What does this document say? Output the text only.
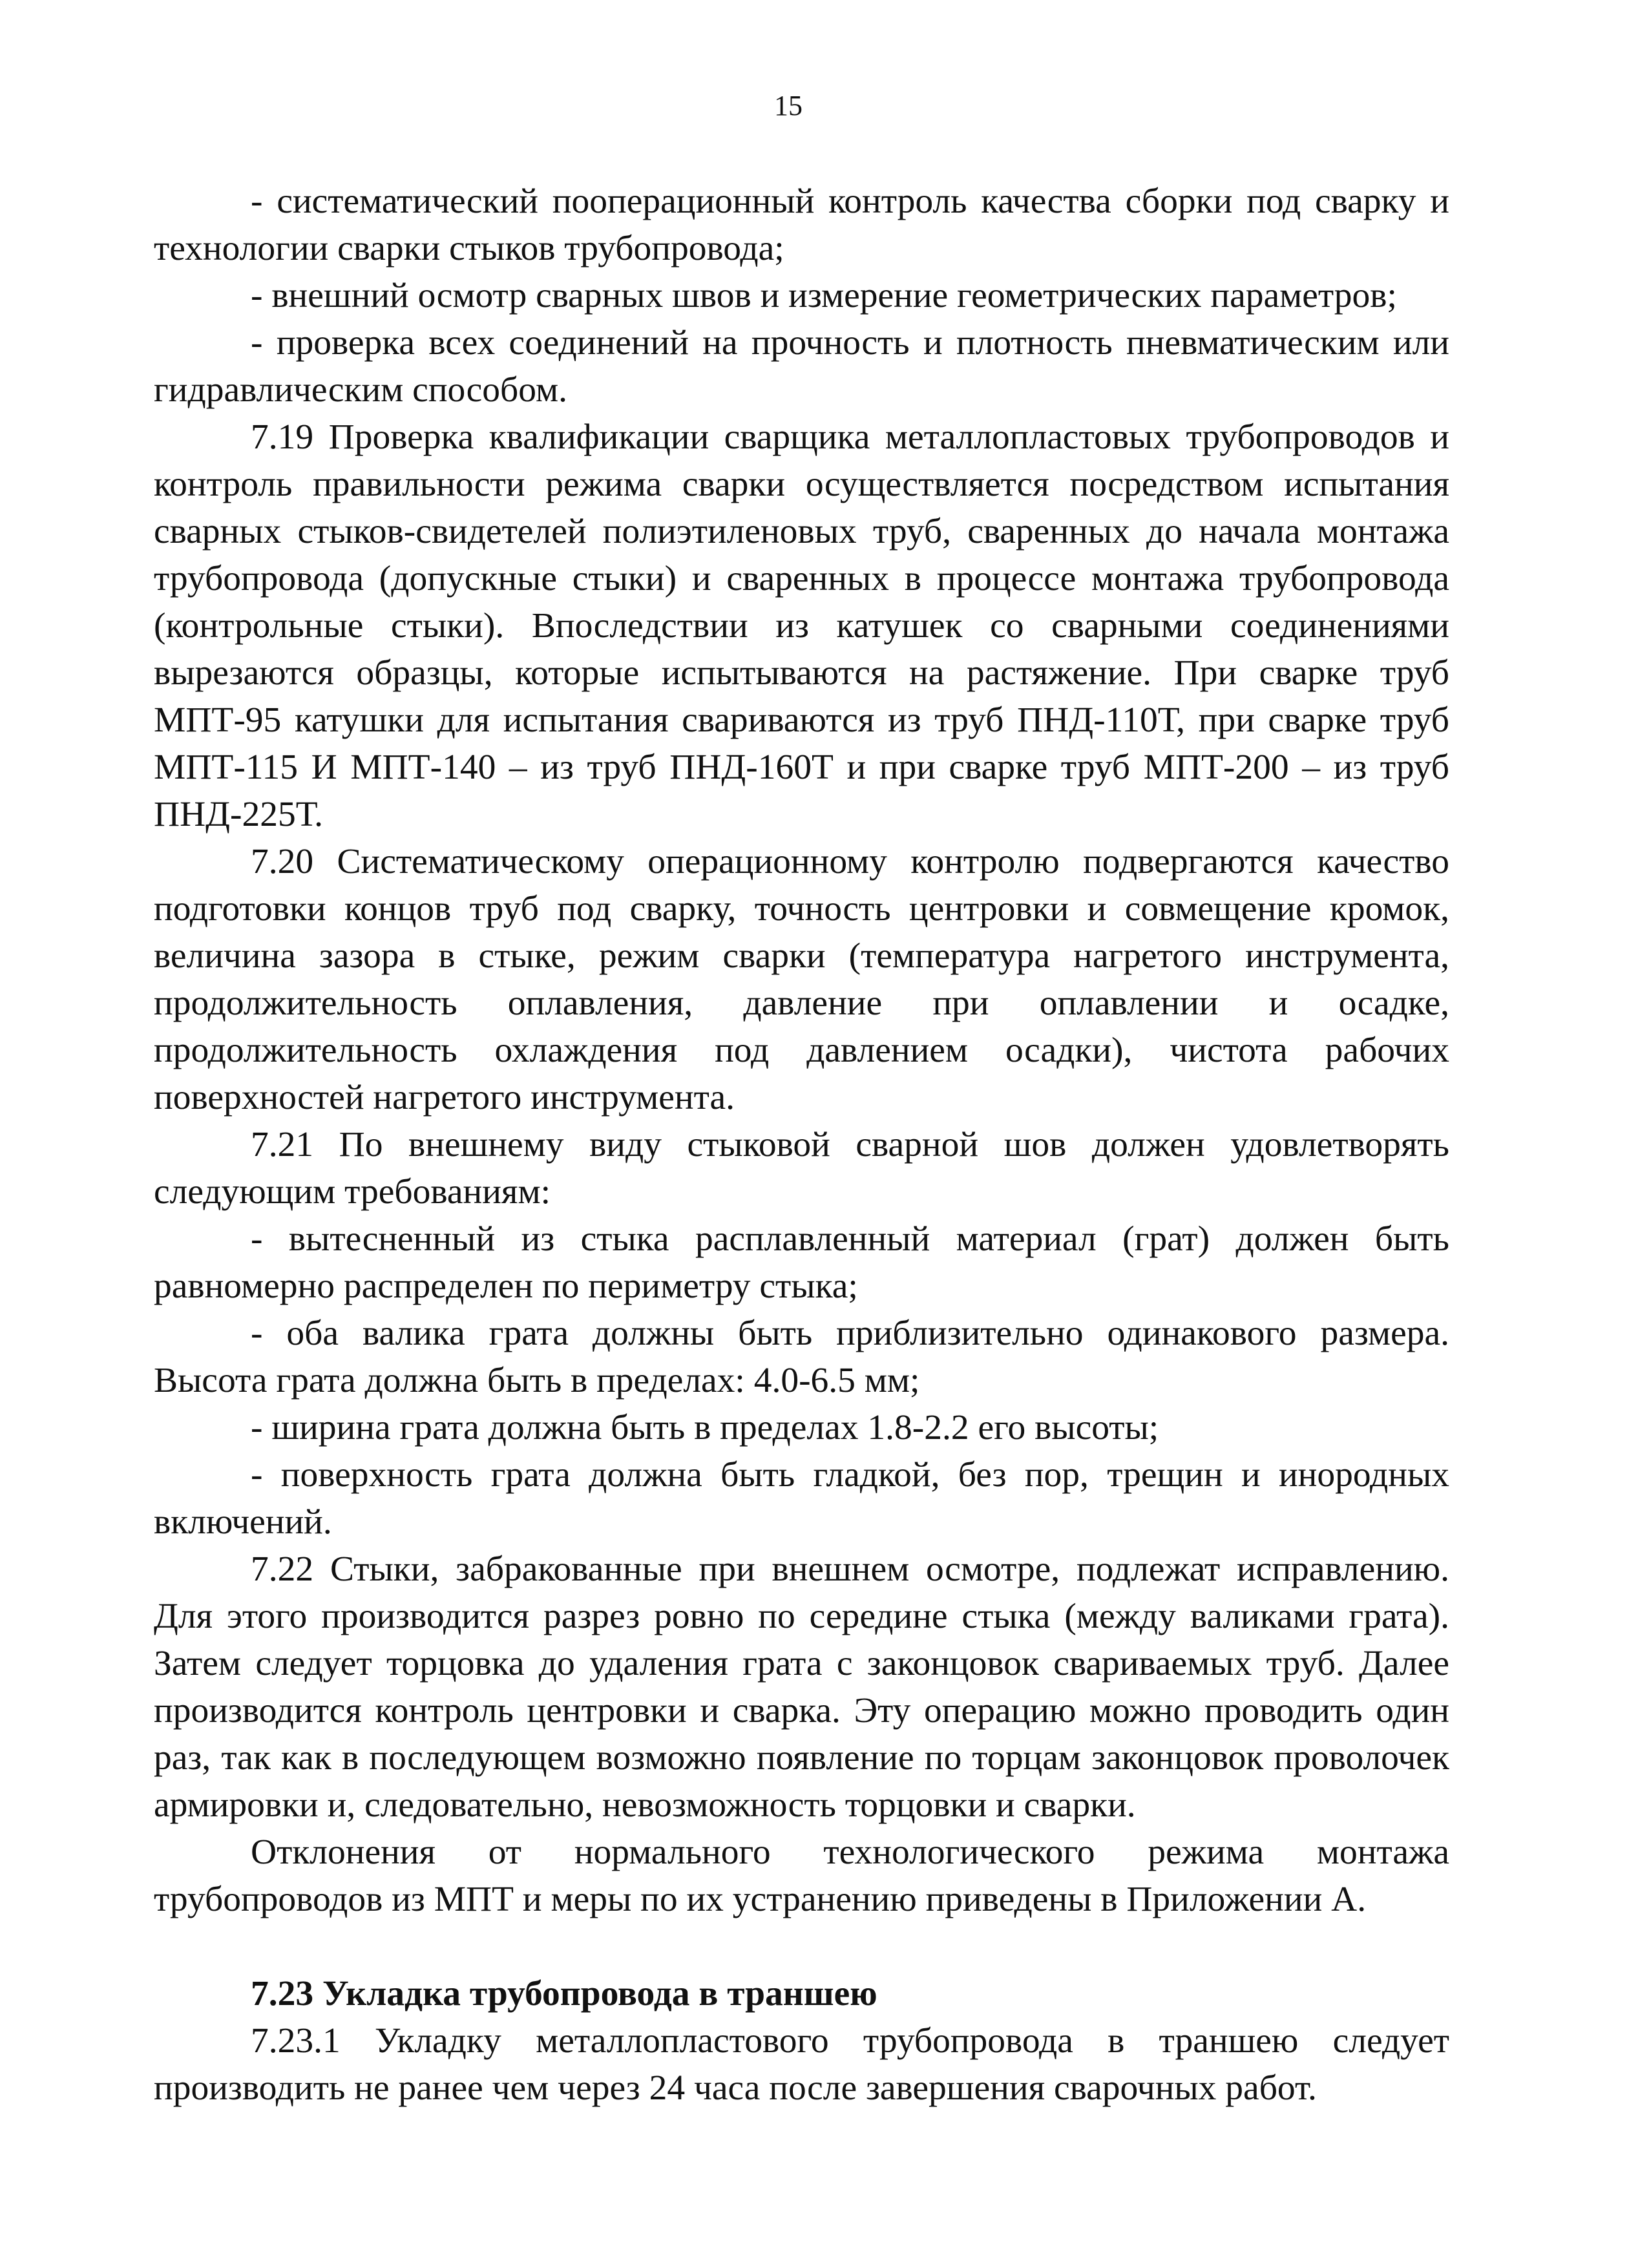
15

- систематический пооперационный контроль качества сборки под сварку и технологии сварки стыков трубопровода;

- внешний осмотр сварных швов и измерение геометрических параметров;

- проверка всех соединений на прочность и плотность пневматическим или гидравлическим способом.

7.19 Проверка квалификации сварщика металлопластовых трубопроводов и контроль правильности режима сварки осуществляется посредством испытания сварных стыков-свидетелей полиэтиленовых труб, сваренных до начала монтажа трубопровода (допускные стыки) и сваренных в процессе монтажа трубопровода (контрольные стыки). Впоследствии из катушек со сварными соединениями вырезаются образцы, которые испытываются на растяжение. При сварке труб МПТ-95 катушки для испытания свариваются из труб ПНД-110Т, при сварке труб МПТ-115 И МПТ-140 – из труб ПНД-160Т и при сварке труб МПТ-200 – из труб ПНД-225Т.

7.20 Систематическому операционному контролю подвергаются качество подготовки концов труб под сварку, точность центровки и совмещение кромок, величина зазора в стыке, режим сварки (температура нагретого инструмента, продолжительность оплавления, давление при оплавлении и осадке, продолжительность охлаждения под давлением осадки), чистота рабочих поверхностей нагретого инструмента.

7.21 По внешнему виду стыковой сварной шов должен удовлетворять следующим требованиям:

- вытесненный из стыка расплавленный материал (грат) должен быть равномерно распределен по периметру стыка;

- оба валика грата должны быть приблизительно одинакового размера. Высота грата должна быть в пределах: 4.0-6.5 мм;

- ширина грата должна быть в пределах 1.8-2.2 его высоты;

- поверхность грата должна быть гладкой, без пор, трещин и инородных включений.

7.22 Стыки, забракованные при внешнем осмотре, подлежат исправлению. Для этого производится разрез ровно по середине стыка (между валиками грата). Затем следует торцовка до удаления грата с законцовок свариваемых труб. Далее производится контроль центровки и сварка. Эту операцию можно проводить один раз, так как в последующем возможно появление по торцам законцовок проволочек армировки и, следовательно, невозможность торцовки и сварки.

Отклонения от нормального технологического режима монтажа трубопроводов из МПТ и меры по их устранению приведены в Приложении А.

7.23 Укладка трубопровода в траншею

7.23.1 Укладку металлопластового трубопровода в траншею следует производить не ранее чем через 24 часа после завершения сварочных работ.
